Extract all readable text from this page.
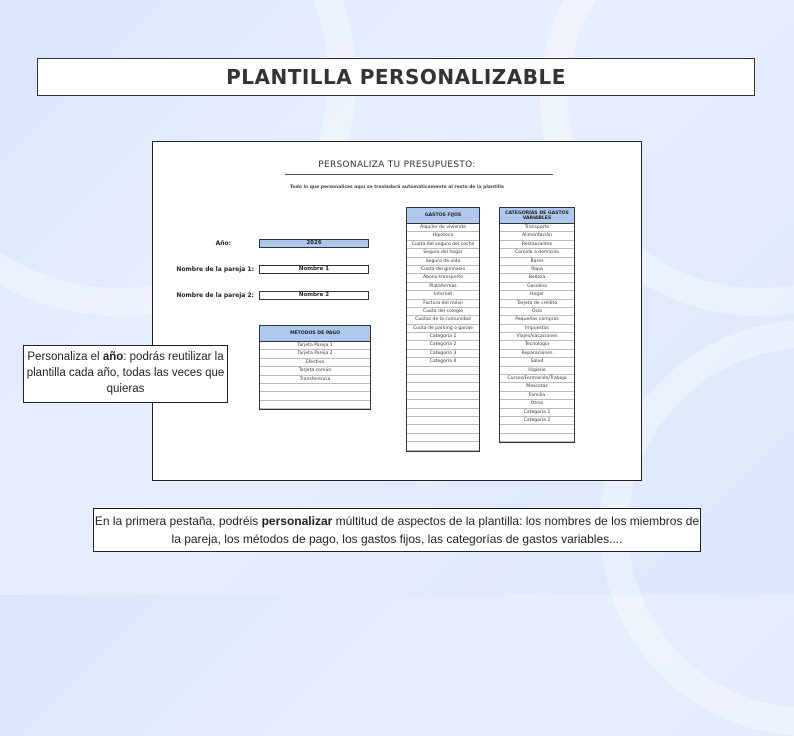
PLANTILLA PERSONALIZABLE
PERSONALIZA TU PRESUPUESTO:
Todo lo que personalices aquí se trasladará automáticamente al resto de la plantilla
Año:	2026
Nombre de la pareja 1:	Nombre 1
Nombre de la pareja 2:	Nombre 2
MÉTODOS DE PAGO
Tarjeta Pareja 1
Tarjeta Pareja 2
Efectivo
Tarjeta común
Transferencia
GASTOS FIJOS
Alquiler de vivienda
Hipoteca
Cuota del seguro del coche
Seguro del hogar
Seguro de vida
Cuota del gimnasio
Abono transporte
Plataformas
Internet
Factura del móvil
Cuota del colegio
Cuotas de la comunidad
Cuota de parking o garaje
Categoría 1
Categoría 2
Categoría 3
Categoría 4
CATEGORÍAS DE GASTOS VARIABLES
Transporte
Alimentación
Restaurantes
Comida a domicilio
Bares
Ropa
Belleza
Gasolina
Hogar
Tarjeta de crédito
Ocio
Pequeñas compras
Impuestos
Viajes/vacaciones
Tecnología
Reparaciones
Salud
Higiene
Cursos/Formación/Trabajo
Mascotas
Familia
Otros
Categoría 1
Categoría 2
Personaliza el año: podrás reutilizar la plantilla cada año, todas las veces que quieras
En la primera pestaña, podréis personalizar múltitud de aspectos de la plantilla: los nombres de los miembros de la pareja, los métodos de pago, los gastos fijos, las categorías de gastos variables....
